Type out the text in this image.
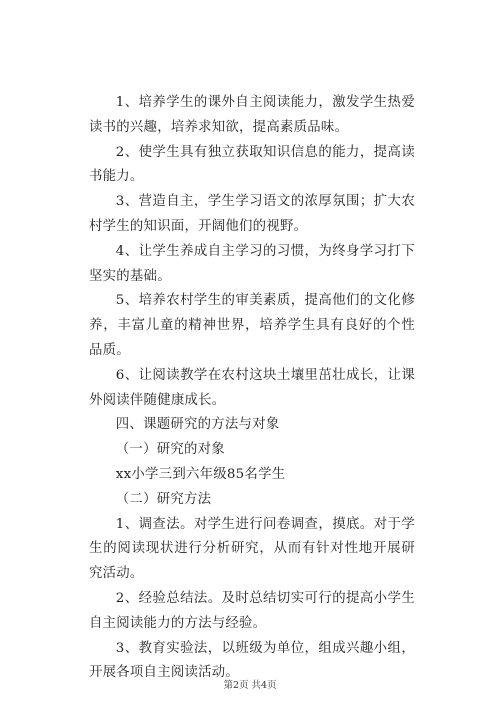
1、培养学生的课外自主阅读能力，激发学生热爱读书的兴趣，培养求知欲，提高素质品味。

2、使学生具有独立获取知识信息的能力，提高读书能力。

3、营造自主，学生学习语文的浓厚氛围；扩大农村学生的知识面，开阔他们的视野。

4、让学生养成自主学习的习惯，为终身学习打下坚实的基础。

5、培养农村学生的审美素质，提高他们的文化修养，丰富儿童的精神世界，培养学生具有良好的个性品质。

6、让阅读教学在农村这块土壤里茁壮成长，让课外阅读伴随健康成长。

四、课题研究的方法与对象

（一）研究的对象

xx小学三到六年级85名学生

（二）研究方法

1、调查法。对学生进行问卷调查，摸底。对于学生的阅读现状进行分析研究，从而有针对性地开展研究活动。

2、经验总结法。及时总结切实可行的提高小学生自主阅读能力的方法与经验。

3、教育实验法，以班级为单位，组成兴趣小组，开展各项自主阅读活动。

第2页 共4页
